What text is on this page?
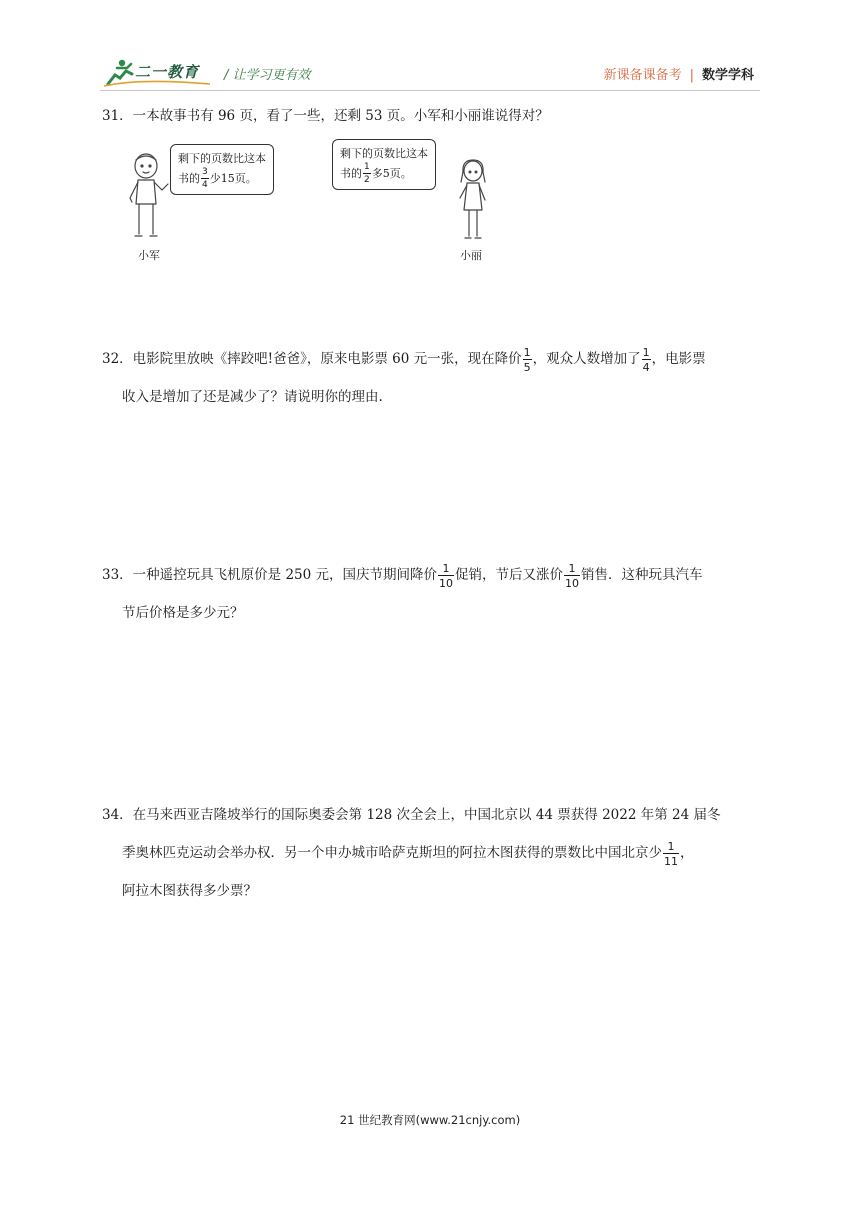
二一教育 / 让学习更有效	新课备课备考 | 数学学科
31．一本故事书有 96 页，看了一些，还剩 53 页。小军和小丽谁说得对？
剩下的页数比这本
书的 $\frac{3}{4}$ 少15页。
剩下的页数比这本
书的 $\frac{1}{2}$ 多5页。
小军	小丽
32．电影院里放映《摔跤吧!爸爸》，原来电影票 60 元一张，现在降价 $\frac{1}{5}$ ，观众人数增加了 $\frac{1}{4}$ ，电影票
收入是增加了还是减少了？请说明你的理由.
33．一种遥控玩具飞机原价是 250 元，国庆节期间降价 $\frac{1}{10}$ 促销，节后又涨价 $\frac{1}{10}$ 销售．这种玩具汽车
节后价格是多少元？
34．在马来西亚吉隆坡举行的国际奥委会第 128 次全会上，中国北京以 44 票获得 2022 年第 24 届冬
季奥林匹克运动会举办权．另一个申办城市哈萨克斯坦的阿拉木图获得的票数比中国北京少 $\frac{1}{11}$ ，
阿拉木图获得多少票？
21 世纪教育网(www.21cnjy.com)
